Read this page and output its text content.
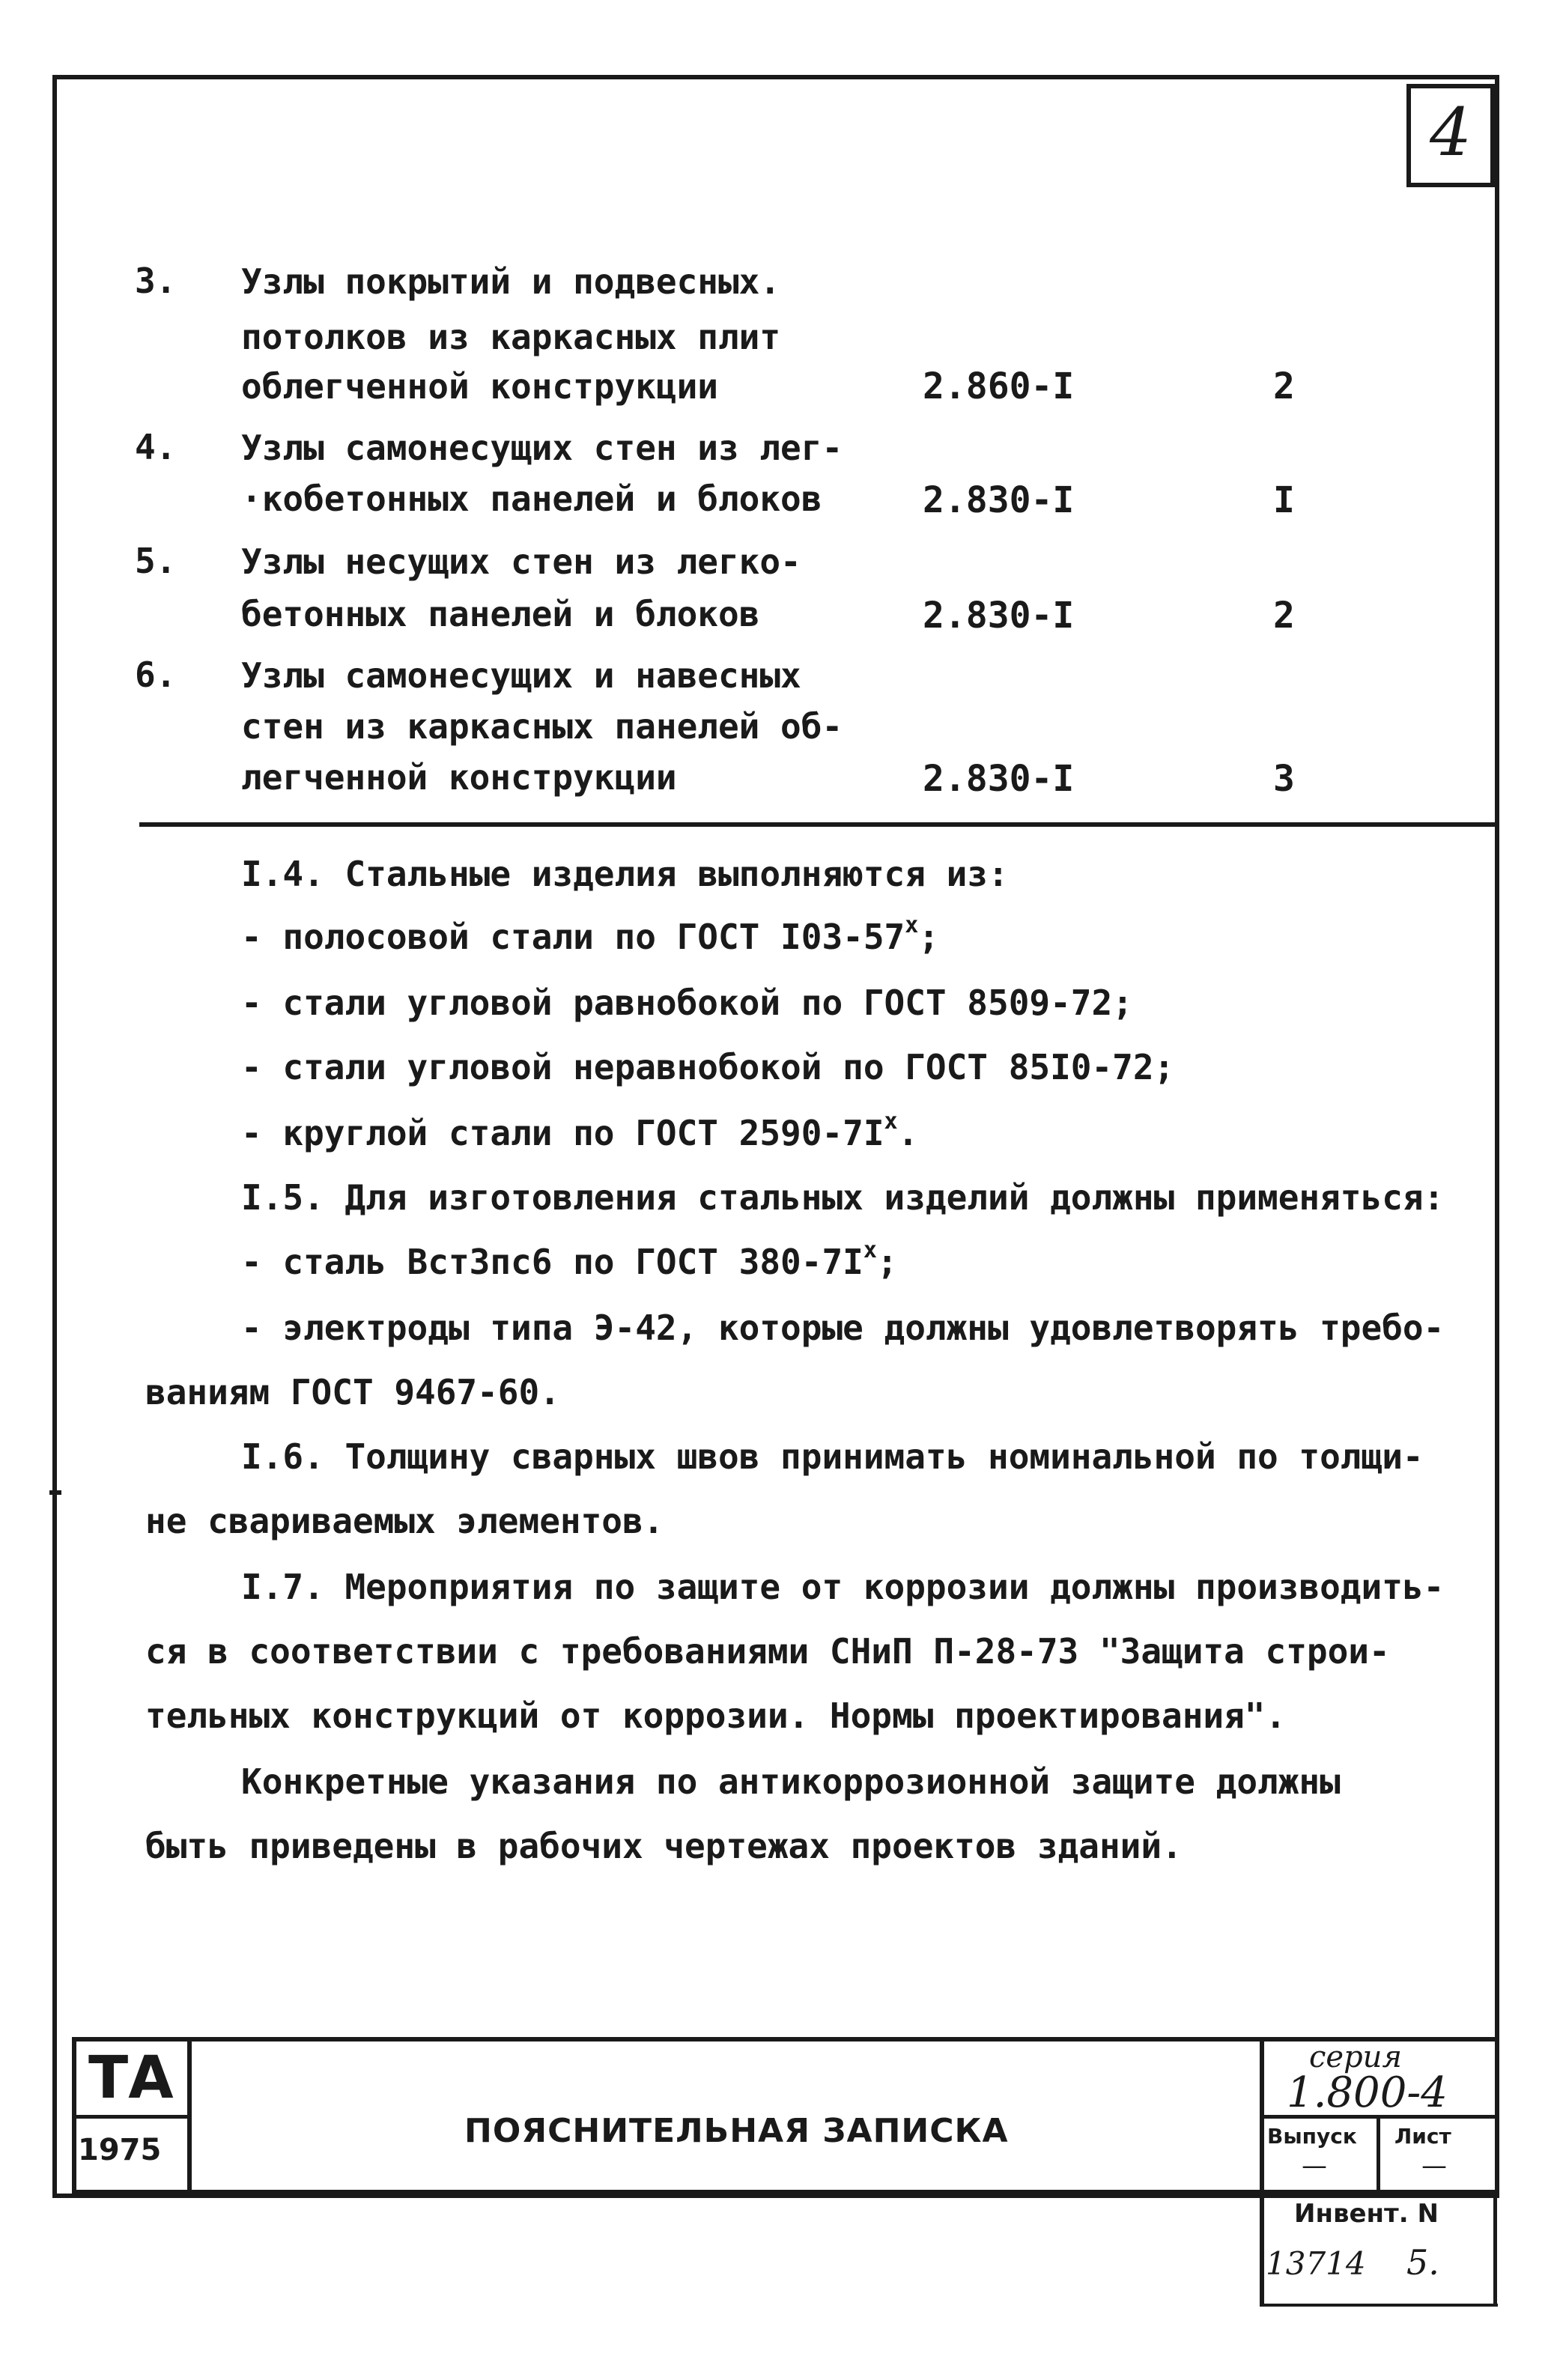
4
3. Узлы покрытий и подвесных.
потолков из каркасных плит
облегченной конструкции	2.860-I	2
4. Узлы самонесущих стен из лег-
·кобетонных панелей и блоков	2.830-I	I
5. Узлы несущих стен из легко-
бетонных панелей и блоков	2.830-I	2
6. Узлы самонесущих и навесных
стен из каркасных панелей об-
легченной конструкции	2.830-I	3
I.4. Стальные изделия выполняются из:
- полосовой стали по ГОСТ I03-57$^x$;
- стали угловой равнобокой по ГОСТ 8509-72;
- стали угловой неравнобокой по ГОСТ 85I0-72;
- круглой стали по ГОСТ $2590-7I^x$.
I.5. Для изготовления стальных изделий должны применяться:
- сталь ВстЗпс6 по ГОСТ $380-7I^x$;
- электроды типа Э-42, которые должны удовлетворять требо-
ваниям ГОСТ 9467-60.
I.6. Толщину сварных швов принимать номинальной по толщи-
не свариваемых элементов.
I.7. Мероприятия по защите от коррозии должны производить-
ся в соответствии с требованиями СНиП П-28-73 "Защита строи-
тельных конструкций от коррозии. Нормы проектирования".
Конкретные указания по антикоррозионной защите должны
быть приведены в рабочих чертежах проектов зданий.
ТА
1975	ПОЯСНИТЕЛЬНАЯ ЗАПИСКА
серия
1.800-4
Выпуск Лист
—	—
Инвент. N
13714 5.
